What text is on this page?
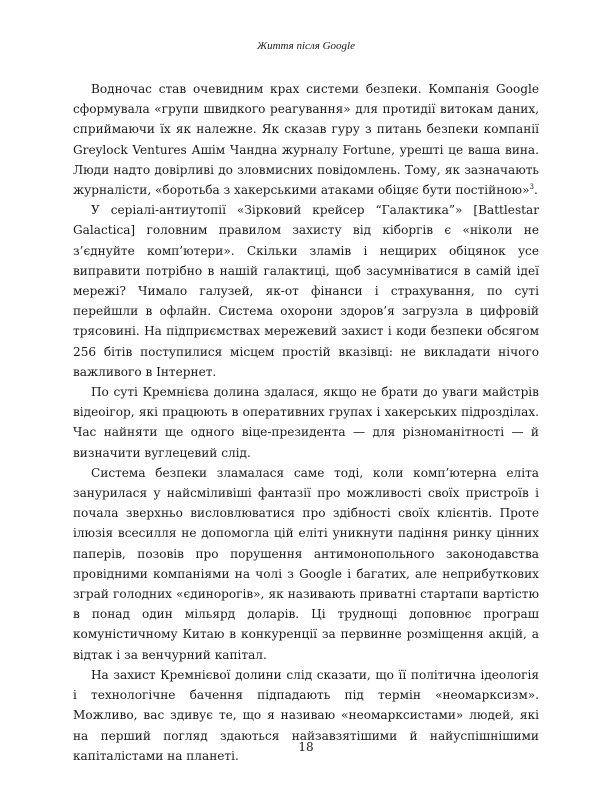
Життя після Google

Водночас став очевидним крах системи безпеки. Компанія Google сформувала «групи швидкого реагування» для протидії витокам даних, сприймаючи їх як належне. Як сказав гуру з питань безпеки компанії Greylock Ventures Ашім Чандна журналу Fortune, урешті це ваша вина. Люди надто довірливі до зловмисних повідомлень. Тому, як зазначають журналісти, «боротьба з хакерськими атаками обіцяє бути постійною»$^3$.

У серіалі-антиутопії «Зірковий крейсер “Галактика”» [Battlestar Galactica] головним правилом захисту від кіборгів є «ніколи не з’єднуйте комп’ютери». Скільки зламів і нещирих обіцянок усе виправити потрібно в нашій галактиці, щоб засумніватися в самій ідеї мережі? Чимало галузей, як-от фінанси і страхування, по суті перейшли в офлайн. Система охорони здоров’я загрузла в цифровій трясовині. На підприємствах мережевий захист і коди безпеки обсягом 256 бітів поступилися місцем простій вказівці: не викладати нічого важливого в Інтернет.

По суті Кремнієва долина здалася, якщо не брати до уваги майстрів відеоігор, які працюють в оперативних групах і хакерських підрозділах. Час найняти ще одного віце-президента — для різноманітності — й визначити вуглецевий слід.

Система безпеки зламалася саме тоді, коли комп’ютерна еліта занурилася у найсміливіші фантазії про можливості своїх пристроїв і почала зверхньо висловлюватися про здібності своїх клієнтів. Проте ілюзія всесилля не допомогла цій еліті уникнути падіння ринку цінних паперів, позовів про порушення антимонопольного законодавства провідними компаніями на чолі з Google і багатих, але неприбуткових зграй голодних «єдинорогів», як називають приватні стартапи вартістю в понад один мільярд доларів. Ці труднощі доповнює програш комуністичному Китаю в конкуренції за первинне розміщення акцій, а відтак і за венчурний капітал.

На захист Кремнієвої долини слід сказати, що її політична ідеологія і технологічне бачення підпадають під термін «неомарксизм». Можливо, вас здивує те, що я називаю «неомарксистами» людей, які на перший погляд здаються найзавзятішими й найуспішнішими капіталістами на планеті.

18
